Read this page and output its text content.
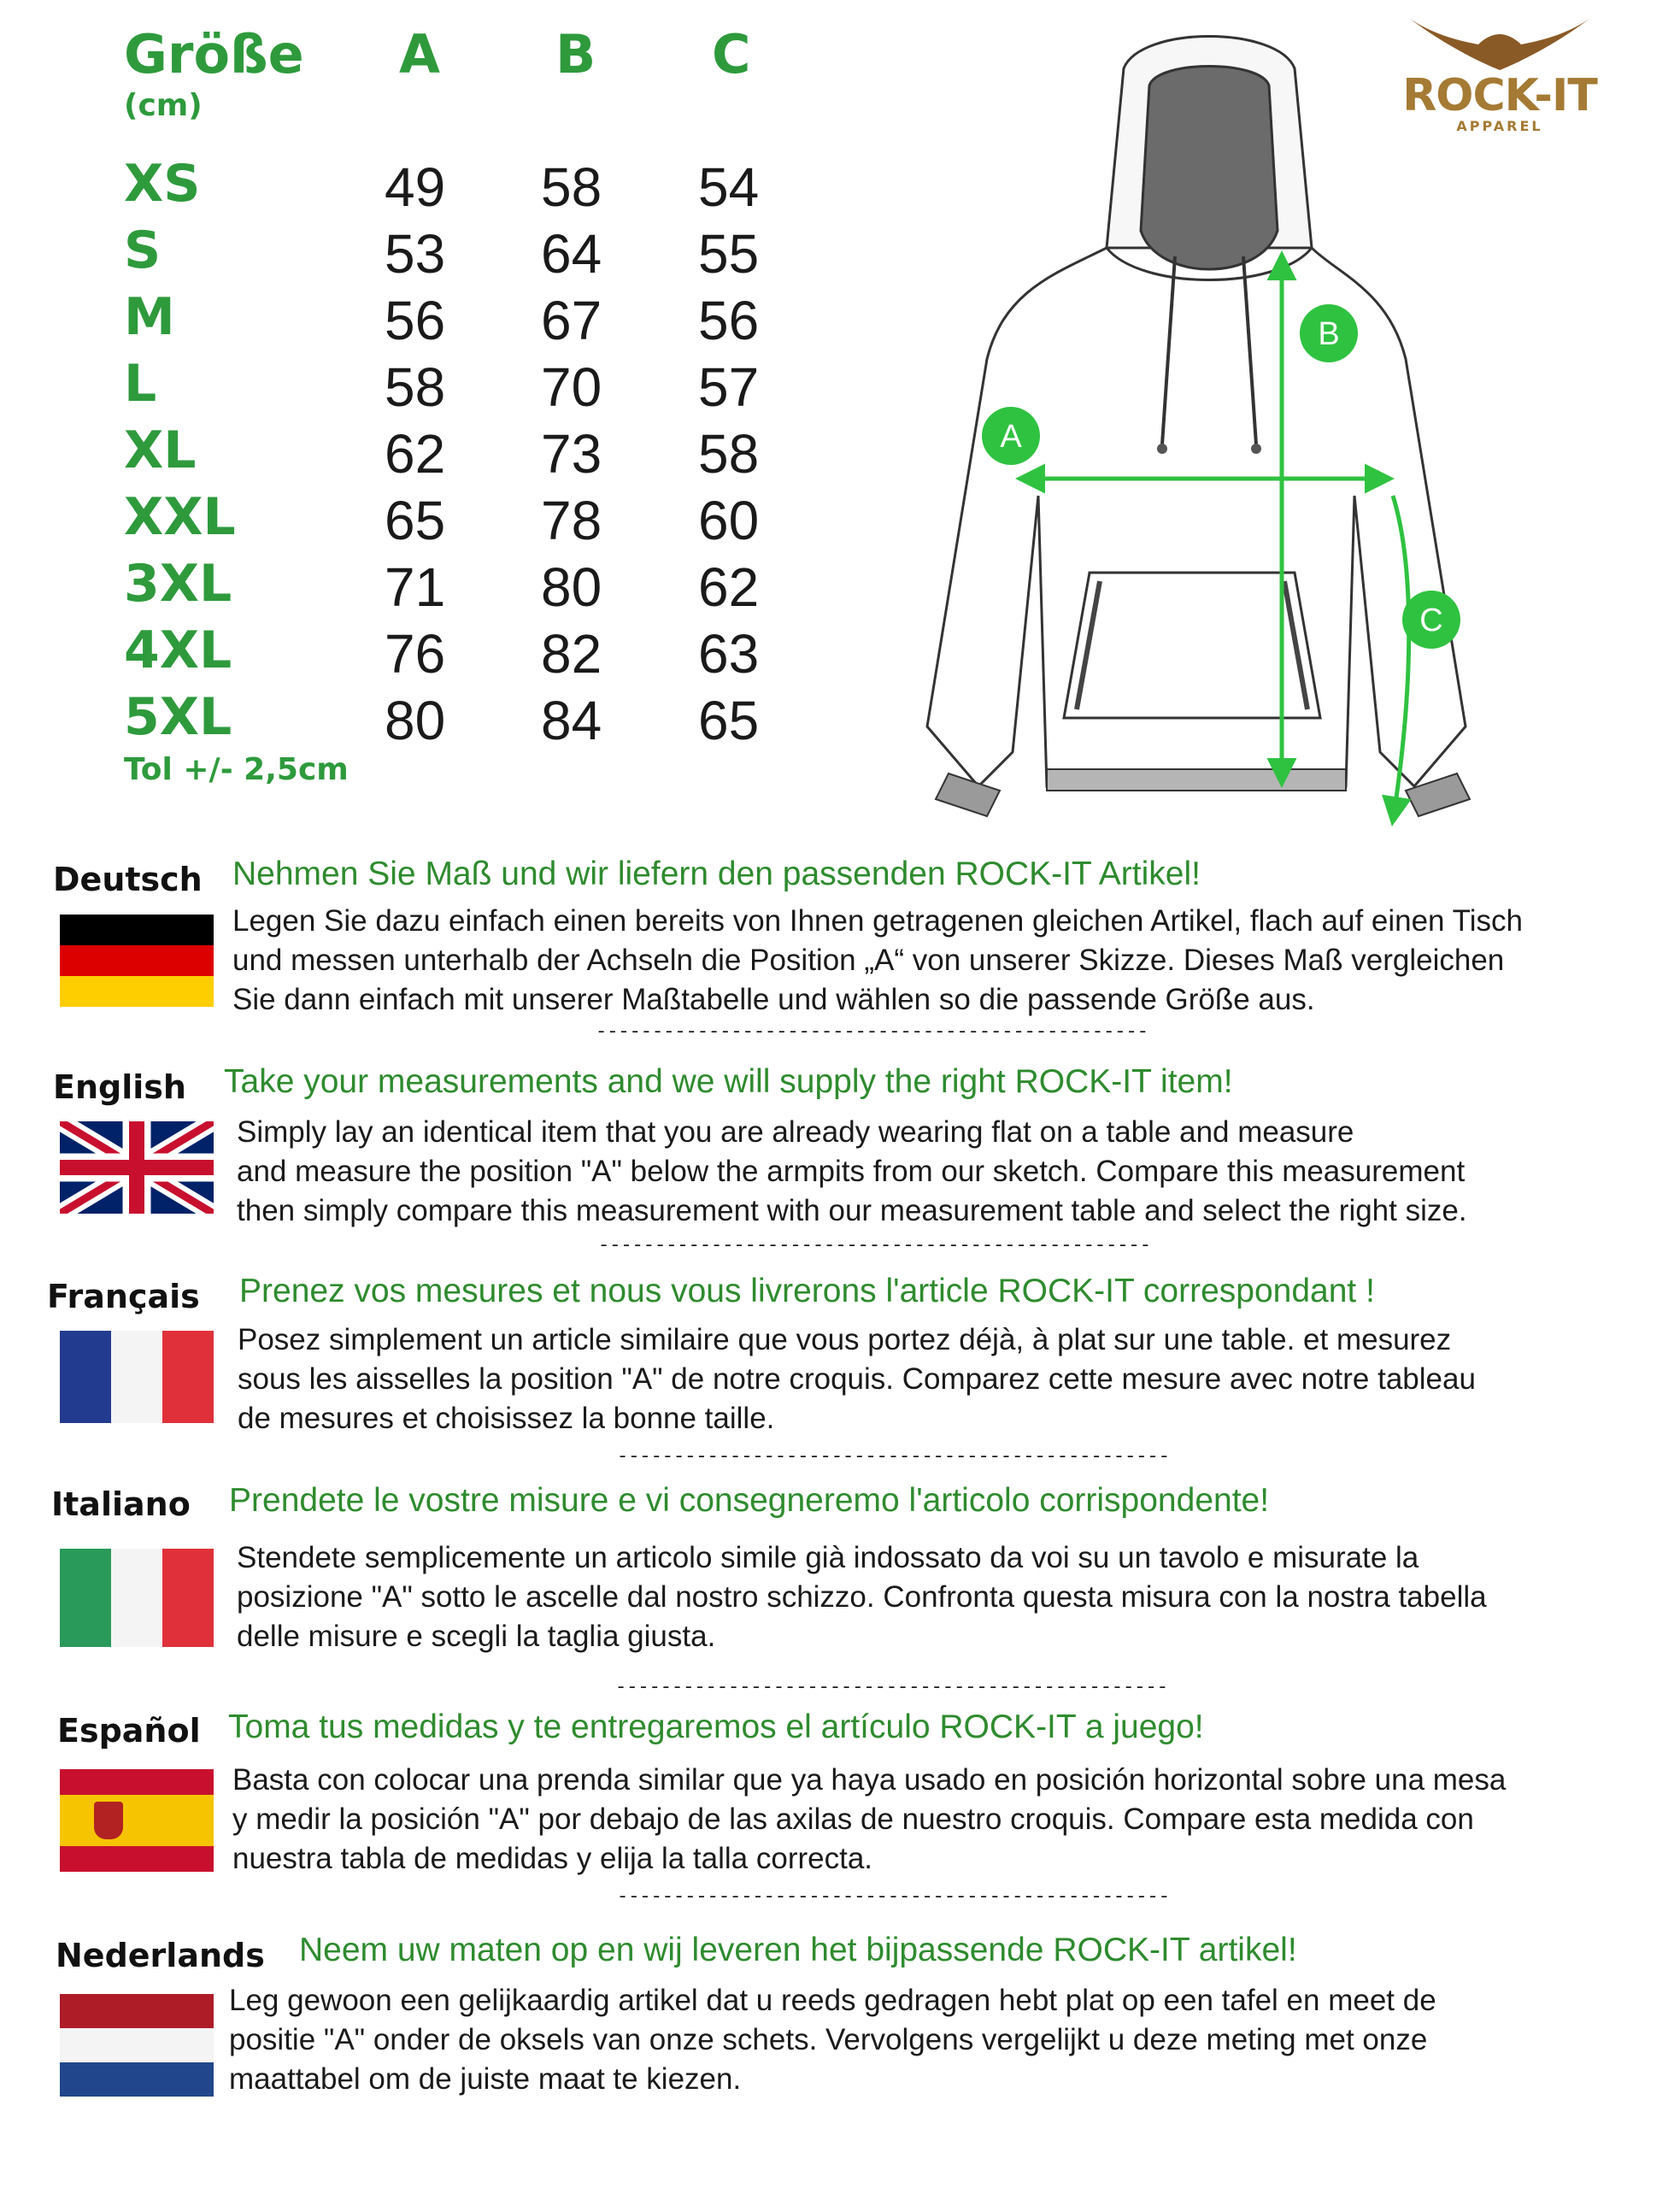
Größe
(cm)
A B C
XS	49 58 54
S	53 64 55
M	56 67 56
L	58 70 57
XL	62 73 58
XXL	65 78 60
3XL	71 80 62
4XL	76 82 63
5XL	80 84 65
Tol +/- 2,5cm
A
B
C
ROCK-IT
APPAREL
Deutsch Nehmen Sie Maß und wir liefern den passenden ROCK-IT Artikel!
Legen Sie dazu einfach einen bereits von Ihnen getragenen gleichen Artikel, flach auf einen Tisch
und messen unterhalb der Achseln die Position „A“ von unserer Skizze. Dieses Maß vergleichen
Sie dann einfach mit unserer Maßtabelle und wählen so die passende Größe aus.
-------------------------------------------------
English Take your measurements and we will supply the right ROCK-IT item!
Simply lay an identical item that you are already wearing flat on a table and measure
and measure the position "A" below the armpits from our sketch. Compare this measurement
then simply compare this measurement with our measurement table and select the right size.
-------------------------------------------------
Français Prenez vos mesures et nous vous livrerons l'article ROCK-IT correspondant !
Posez simplement un article similaire que vous portez déjà, à plat sur une table. et mesurez
sous les aisselles la position "A" de notre croquis. Comparez cette mesure avec notre tableau
de mesures et choisissez la bonne taille.
-------------------------------------------------
Italiano Prendete le vostre misure e vi consegneremo l'articolo corrispondente!
Stendete semplicemente un articolo simile già indossato da voi su un tavolo e misurate la
posizione "A" sotto le ascelle dal nostro schizzo. Confronta questa misura con la nostra tabella
delle misure e scegli la taglia giusta.
-------------------------------------------------
Español Toma tus medidas y te entregaremos el artículo ROCK-IT a juego!
Basta con colocar una prenda similar que ya haya usado en posición horizontal sobre una mesa
y medir la posición "A" por debajo de las axilas de nuestro croquis. Compare esta medida con
nuestra tabla de medidas y elija la talla correcta.
-------------------------------------------------
Nederlands Neem uw maten op en wij leveren het bijpassende ROCK-IT artikel!
Leg gewoon een gelijkaardig artikel dat u reeds gedragen hebt plat op een tafel en meet de
positie "A" onder de oksels van onze schets. Vervolgens vergelijkt u deze meting met onze
maattabel om de juiste maat te kiezen.
